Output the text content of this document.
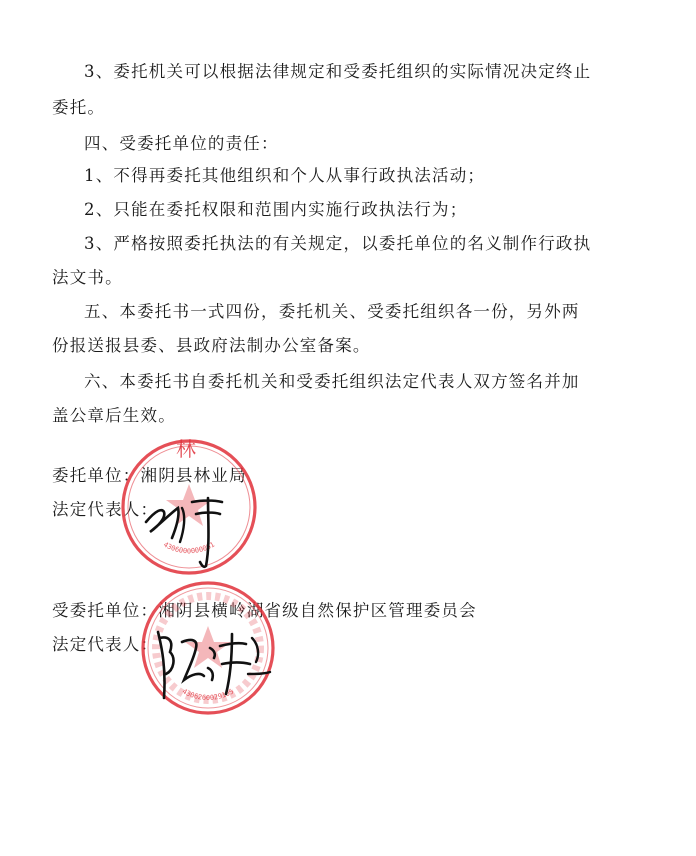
3、委托机关可以根据法律规定和受委托组织的实际情况决定终止
委托。
四、受委托单位的责任：
1、不得再委托其他组织和个人从事行政执法活动；
2、只能在委托权限和范围内实施行政执法行为；
3、严格按照委托执法的有关规定，以委托单位的名义制作行政执
法文书。
五、本委托书一式四份，委托机关、受委托组织各一份，另外两
份报送报县委、县政府法制办公室备案。
六、本委托书自委托机关和受委托组织法定代表人双方签名并加
盖公章后生效。
委托单位：湘阴县林业局
法定代表人：
受委托单位：湘阴县横岭湖省级自然保护区管理委员会
法定代表人：
林
4306000000061
4306260029105
